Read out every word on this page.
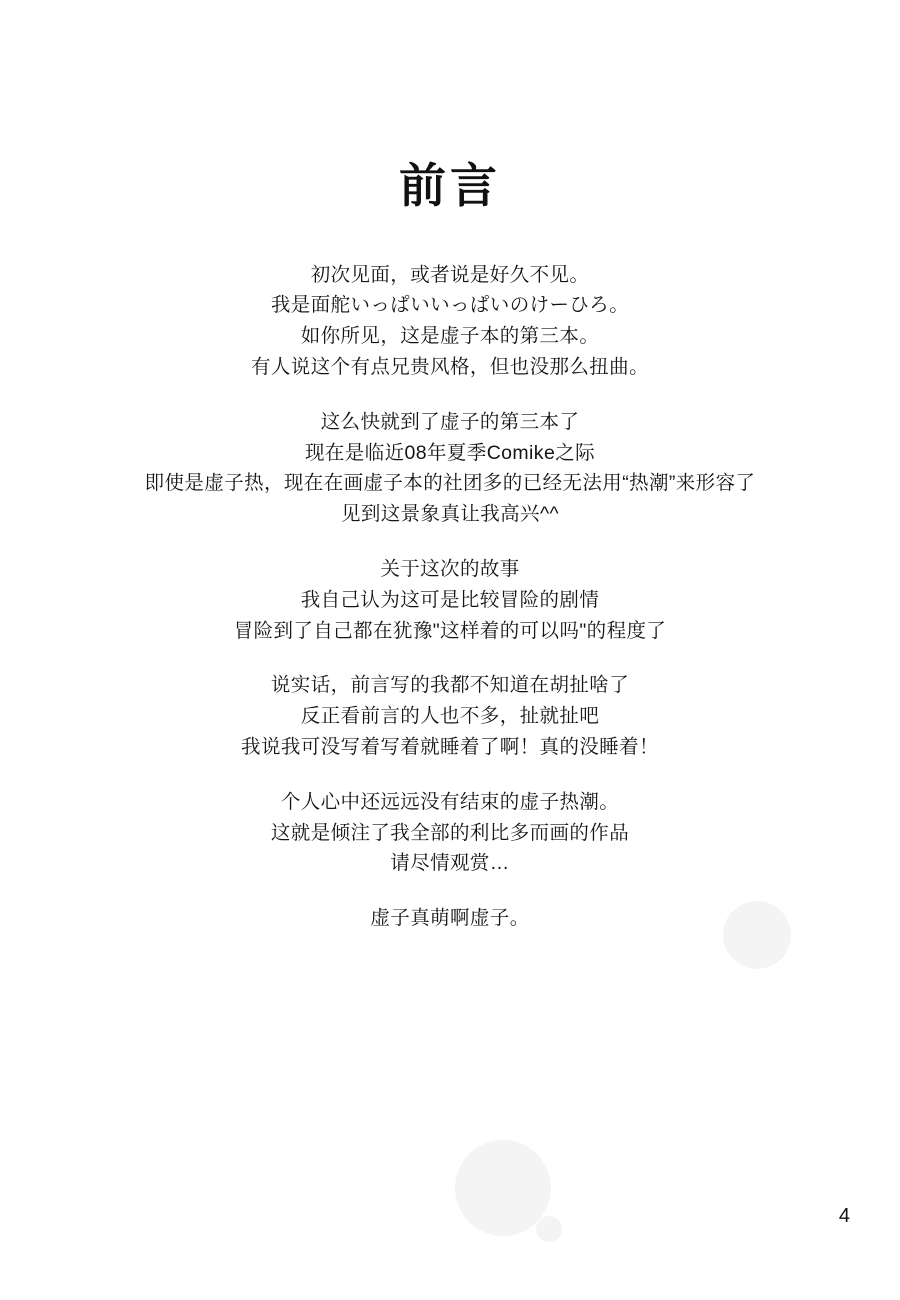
前言

初次见面，或者说是好久不见。
我是面舵いっぱいいっぱいのけーひろ。
如你所见，这是虚子本的第三本。
有人说这个有点兄贵风格，但也没那么扭曲。

这么快就到了虚子的第三本了
现在是临近08年夏季Comike之际
即使是虚子热，现在在画虚子本的社团多的已经无法用“热潮”来形容了
见到这景象真让我高兴^^

关于这次的故事
我自己认为这可是比较冒险的剧情
冒险到了自己都在犹豫"这样着的可以吗"的程度了

说实话，前言写的我都不知道在胡扯啥了
反正看前言的人也不多，扯就扯吧
我说我可没写着写着就睡着了啊！真的没睡着！

个人心中还远远没有结束的虚子热潮。
这就是倾注了我全部的利比多而画的作品
请尽情观赏…

虚子真萌啊虚子。

4
